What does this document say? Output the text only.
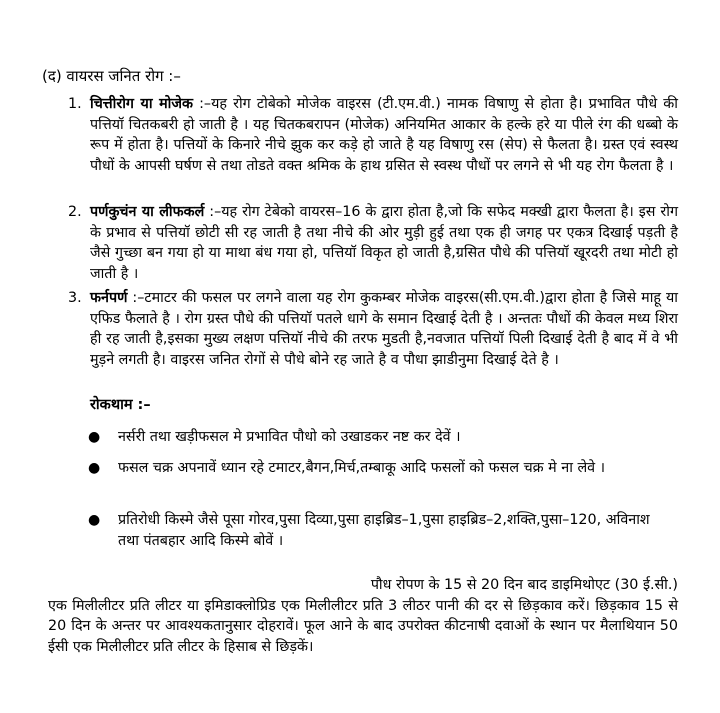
(द) वायरस जनित रोग :–
1. चित्तीरोग या मोजेक :–यह रोग टोबेको मोजेक वाइरस (टी.एम.वी.) नामक विषाणु से होता है। प्रभावित पौधे की पत्तियॉ चितकबरी हो जाती है । यह चितकबरापन (मोजेक) अनियमित आकार के हल्के हरे या पीले रंग की धब्बो के रूप में होता है। पत्तियों के किनारे नीचे झुक कर कड़े हो जाते है यह विषाणु रस (सेप) से फैलता है। ग्रस्त एवं स्वस्थ पौधों के आपसी घर्षण से तथा तोडते वक्त श्रमिक के हाथ ग्रसित से स्वस्थ पौधों पर लगने से भी यह रोग फैलता है ।
2. पर्णकुचंन या लीफकर्ल :–यह रोग टेबेको वायरस–16 के द्वारा होता है,जो कि सफेद मक्खी द्वारा फैलता है। इस रोग के प्रभाव से पत्तियॉ छोटी सी रह जाती है तथा नीचे की ओर मुड़ी हुई तथा एक ही जगह पर एकत्र दिखाई पड़ती है जैसे गुच्छा बन गया हो या माथा बंध गया हो, पत्तियॉ विकृत हो जाती है,ग्रसित पौधे की पत्तियॉ खूरदरी तथा मोटी हो जाती है ।
3. फर्नपर्ण :–टमाटर की फसल पर लगने वाला यह रोग कुकम्बर मोजेक वाइरस(सी.एम.वी.)द्वारा होता है जिसे माहू या एफिड फैलाते है । रोग ग्रस्त पौधे की पत्तियॉ पतले धागे के समान दिखाई देती है । अन्ततः पौधों की केवल मध्य शिरा ही रह जाती है,इसका मुख्य लक्षण पत्तियॉ नीचे की तरफ मुडती है,नवजात पत्तियॉ पिली दिखाई देती है बाद में वे भी मुड़ने लगती है। वाइरस जनित रोगों से पौधे बोने रह जाते है व पौधा झाडीनुमा दिखाई देते है ।
रोकथाम :–
● नर्सरी तथा खड़ीफसल मे प्रभावित पौधो को उखाडकर नष्ट कर देवें ।
● फसल चक्र अपनावें ध्यान रहे टमाटर,बैगन,मिर्च,तम्बाकू आदि फसलों को फसल चक्र मे ना लेवे ।
● प्रतिरोधी किस्मे जैसे पूसा गोरव,पुसा दिव्या,पुसा हाइब्रिड–1,पुसा हाइब्रिड–2,शक्ति,पुसा–120, अविनाश तथा पंतबहार आदि किस्मे बोवें ।
पौध रोपण के 15 से 20 दिन बाद डाइमिथोएट (30 ई.सी.)
एक मिलीलीटर प्रति लीटर या इमिडाक्लोप्रिड एक मिलीलीटर प्रति 3 लीठर पानी की दर से छिड़काव करें। छिड़काव 15 से 20 दिन के अन्तर पर आवश्यकतानुसार दोहरावें। फूल आने के बाद उपरोक्त कीटनाषी दवाओं के स्थान पर मैलाथियान 50 ईसी एक मिलीलीटर प्रति लीटर के हिसाब से छिड़कें।
